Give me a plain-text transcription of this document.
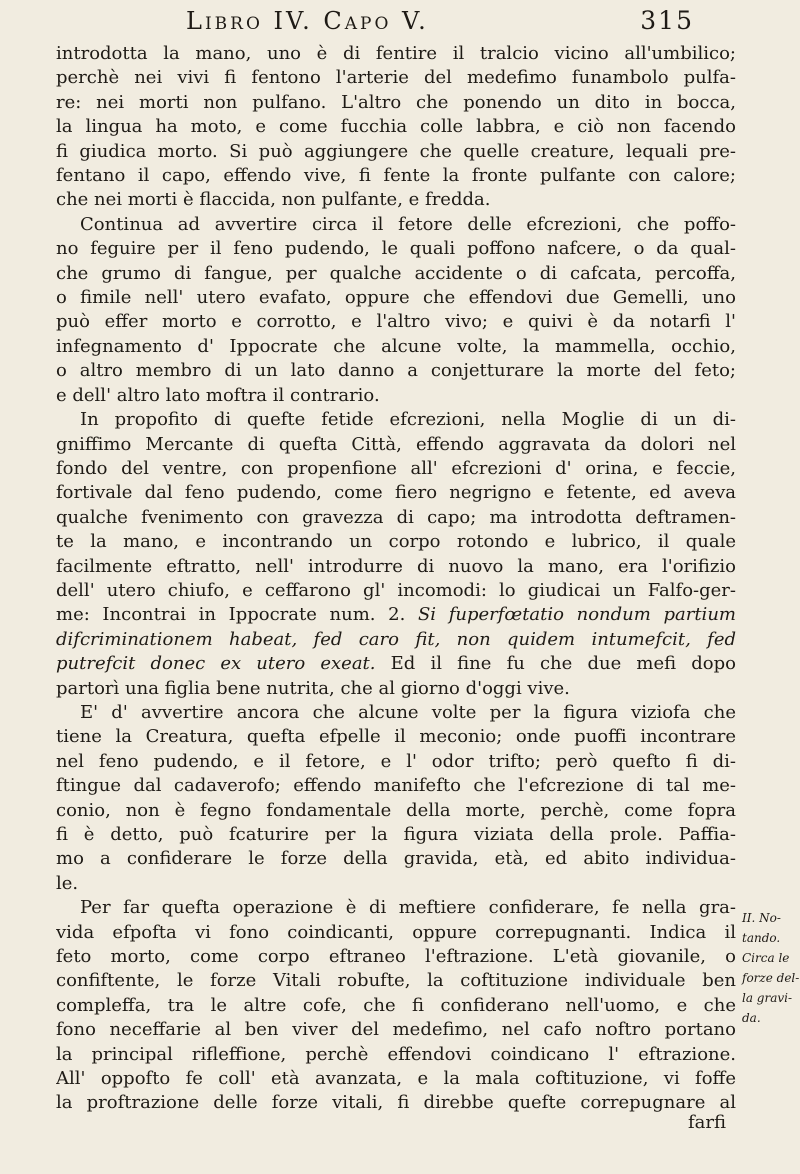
Libro IV. Capo V.	315
introdotta la mano, uno è di fentire il tralcio vicino all'umbilico;
perchè nei vivi fi fentono l'arterie del medefimo funambolo pulfa-
re: nei morti non pulfano. L'altro che ponendo un dito in bocca,
la lingua ha moto, e come fucchia colle labbra, e ciò non facendo
fi giudica morto. Si può aggiungere che quelle creature, lequali pre-
fentano il capo, effendo vive, fi fente la fronte pulfante con calore;
che nei morti è flaccida, non pulfante, e fredda.
Continua ad avvertire circa il fetore delle efcrezioni, che poffo-
no feguire per il feno pudendo, le quali poffono nafcere, o da qual-
che grumo di fangue, per qualche accidente o di cafcata, percoffa,
o fimile nell' utero evafato, oppure che effendovi due Gemelli, uno
può effer morto e corrotto, e l'altro vivo; e quivi è da notarfi l'
infegnamento d' Ippocrate che alcune volte, la mammella, occhio,
o altro membro di un lato danno a conjetturare la morte del feto;
e dell' altro lato moftra il contrario.
In propofito di quefte fetide efcrezioni, nella Moglie di un di-
gniffimo Mercante di quefta Città, effendo aggravata da dolori nel
fondo del ventre, con propenfione all' efcrezioni d' orina, e feccie,
fortivale dal feno pudendo, come fiero negrigno e fetente, ed aveva
qualche fvenimento con gravezza di capo; ma introdotta deftramen-
te la mano, e incontrando un corpo rotondo e lubrico, il quale
facilmente eftratto, nell' introdurre di nuovo la mano, era l'orifizio
dell' utero chiufo, e ceffarono gl' incomodi: lo giudicai un Falfo-ger-
me: Incontrai in Ippocrate num. 2. Si fuperfœtatio nondum partium
difcriminationem habeat, fed caro fit, non quidem intumefcit, fed
putrefcit donec ex utero exeat. Ed il fine fu che due mefi dopo
partorì una figlia bene nutrita, che al giorno d'oggi vive.
E' d' avvertire ancora che alcune volte per la figura viziofa che
tiene la Creatura, quefta efpelle il meconio; onde puoffi incontrare
nel feno pudendo, e il fetore, e l' odor trifto; però quefto fi di-
ftingue dal cadaverofo; effendo manifefto che l'efcrezione di tal me-
conio, non è fegno fondamentale della morte, perchè, come fopra
fi è detto, può fcaturire per la figura viziata della prole. Paffia-
mo a confiderare le forze della gravida, età, ed abito individua-
le.
Per far quefta operazione è di meftiere confiderare, fe nella gra-
vida efpofta vi fono coindicanti, oppure correpugnanti. Indica il
feto morto, come corpo eftraneo l'eftrazione. L'età giovanile, o
confiftente, le forze Vitali robufte, la coftituzione individuale ben
compleffa, tra le altre cofe, che fi confiderano nell'uomo, e che
fono neceffarie al ben viver del medefimo, nel cafo noftro portano
la principal rifleffione, perchè effendovi coindicano l' eftrazione.
All' oppofto fe coll' età avanzata, e la mala coftituzione, vi foffe
la proftrazione delle forze vitali, fi direbbe quefte correpugnare al
II. No-
tando.
Circa le
forze del-
la gravi-
da.
farfi
